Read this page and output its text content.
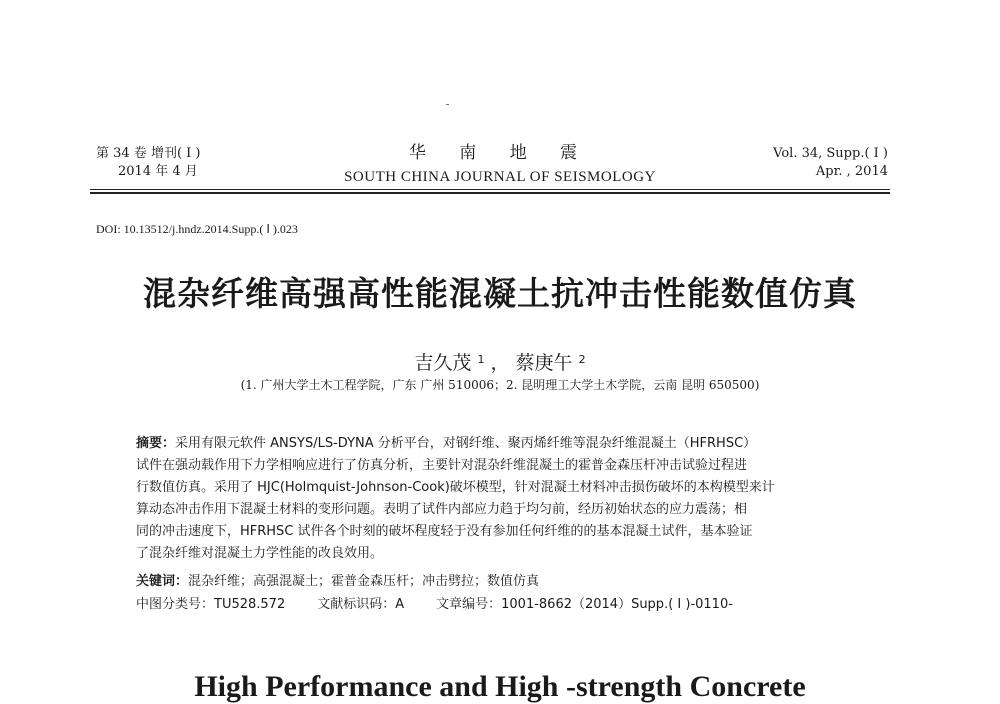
第 34 卷 增刊( Ⅰ )
2014 年 4 月
华 南 地 震
SOUTH CHINA JOURNAL OF SEISMOLOGY
Vol. 34, Supp.( Ⅰ )
Apr. , 2014
DOI: 10.13512/j.hndz.2014.Supp.( Ⅰ ).023
混杂纤维高强高性能混凝土抗冲击性能数值仿真
吉久茂 $^1$ ， 蔡庚午 $^2$
(1. 广州大学土木工程学院，广东 广州 510006；2. 昆明理工大学土木学院，云南 昆明 650500)
摘要：采用有限元软件 ANSYS/LS-DYNA 分析平台，对钢纤维、聚丙烯纤维等混杂纤维混凝土（HFRHSC）
试件在强动载作用下力学相响应进行了仿真分析，主要针对混杂纤维混凝土的霍普金森压杆冲击试验过程进
行数值仿真。采用了 HJC(Holmquist-Johnson-Cook)破坏模型，针对混凝土材料冲击损伤破坏的本构模型来计
算动态冲击作用下混凝土材料的变形问题。表明了试件内部应力趋于均匀前，经历初始状态的应力震荡；相
同的冲击速度下，HFRHSC 试件各个时刻的破坏程度轻于没有参加任何纤维的的基本混凝土试件，基本验证
了混杂纤维对混凝土力学性能的改良效用。
关键词：混杂纤维；高强混凝土；霍普金森压杆；冲击劈拉；数值仿真
中图分类号：TU528.572 文献标识码：A 文章编号：1001-8662（2014）Supp.( Ⅰ )-0110-
High Performance and High -strength Concrete
